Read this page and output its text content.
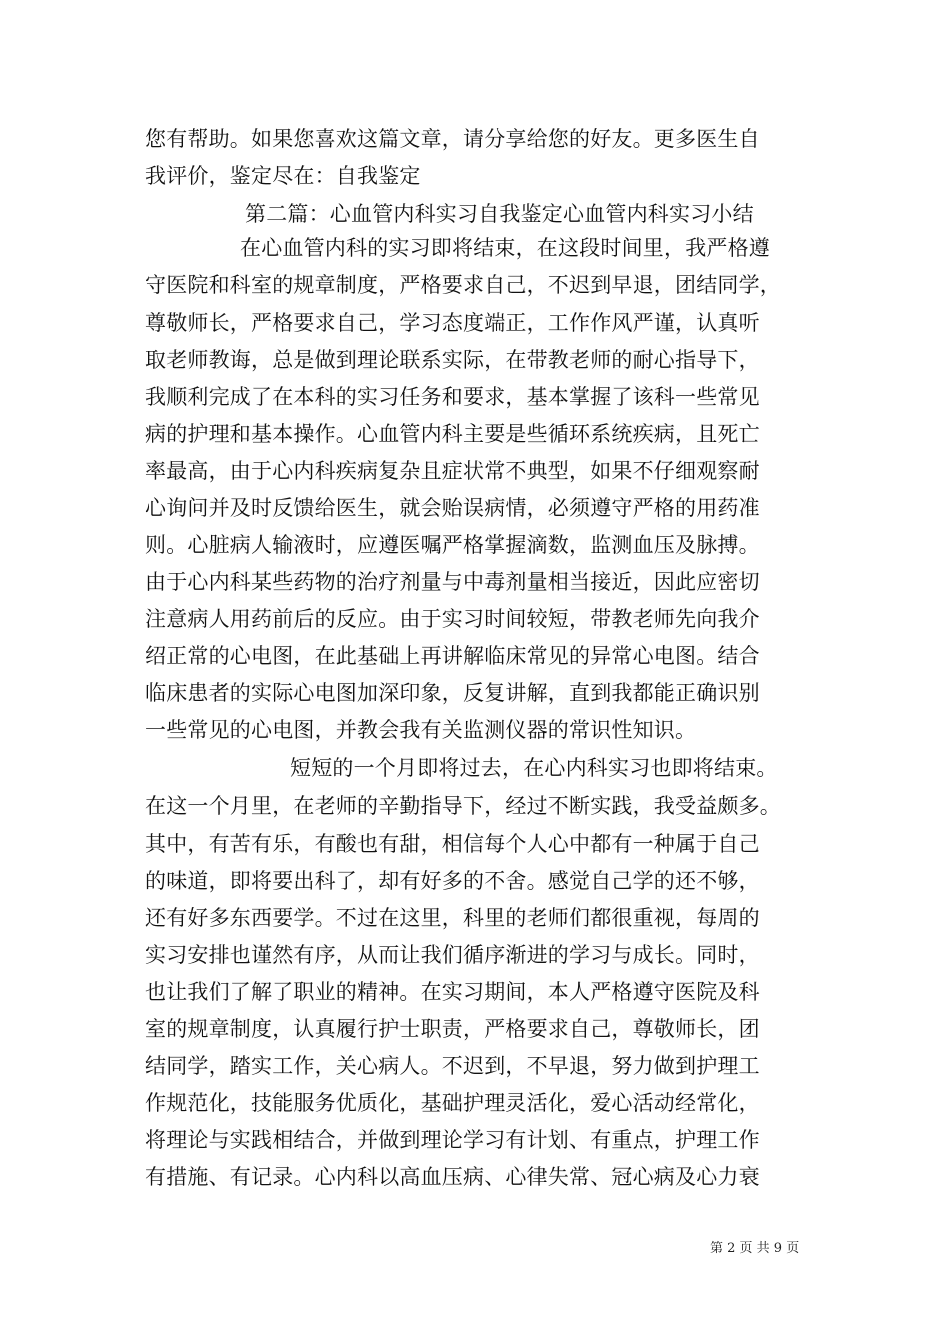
您有帮助。如果您喜欢这篇文章，请分享给您的好友。更多医生自
我评价，鉴定尽在：自我鉴定
第二篇：心血管内科实习自我鉴定心血管内科实习小结
在心血管内科的实习即将结束，在这段时间里，我严格遵
守医院和科室的规章制度，严格要求自己，不迟到早退，团结同学，
尊敬师长，严格要求自己，学习态度端正，工作作风严谨，认真听
取老师教诲，总是做到理论联系实际，在带教老师的耐心指导下，
我顺利完成了在本科的实习任务和要求，基本掌握了该科一些常见
病的护理和基本操作。心血管内科主要是些循环系统疾病，且死亡
率最高，由于心内科疾病复杂且症状常不典型，如果不仔细观察耐
心询问并及时反馈给医生，就会贻误病情，必须遵守严格的用药准
则。心脏病人输液时，应遵医嘱严格掌握滴数，监测血压及脉搏。
由于心内科某些药物的治疗剂量与中毒剂量相当接近，因此应密切
注意病人用药前后的反应。由于实习时间较短，带教老师先向我介
绍正常的心电图，在此基础上再讲解临床常见的异常心电图。结合
临床患者的实际心电图加深印象，反复讲解，直到我都能正确识别
一些常见的心电图，并教会我有关监测仪器的常识性知识。
短短的一个月即将过去，在心内科实习也即将结束。
在这一个月里，在老师的辛勤指导下，经过不断实践，我受益颇多。
其中，有苦有乐，有酸也有甜，相信每个人心中都有一种属于自己
的味道，即将要出科了，却有好多的不舍。感觉自己学的还不够，
还有好多东西要学。不过在这里，科里的老师们都很重视，每周的
实习安排也谨然有序，从而让我们循序渐进的学习与成长。同时，
也让我们了解了职业的精神。在实习期间，本人严格遵守医院及科
室的规章制度，认真履行护士职责，严格要求自己，尊敬师长，团
结同学，踏实工作，关心病人。不迟到，不早退，努力做到护理工
作规范化，技能服务优质化，基础护理灵活化，爱心活动经常化，
将理论与实践相结合，并做到理论学习有计划、有重点，护理工作
有措施、有记录。心内科以高血压病、心律失常、冠心病及心力衰
第 2 页 共 9 页
